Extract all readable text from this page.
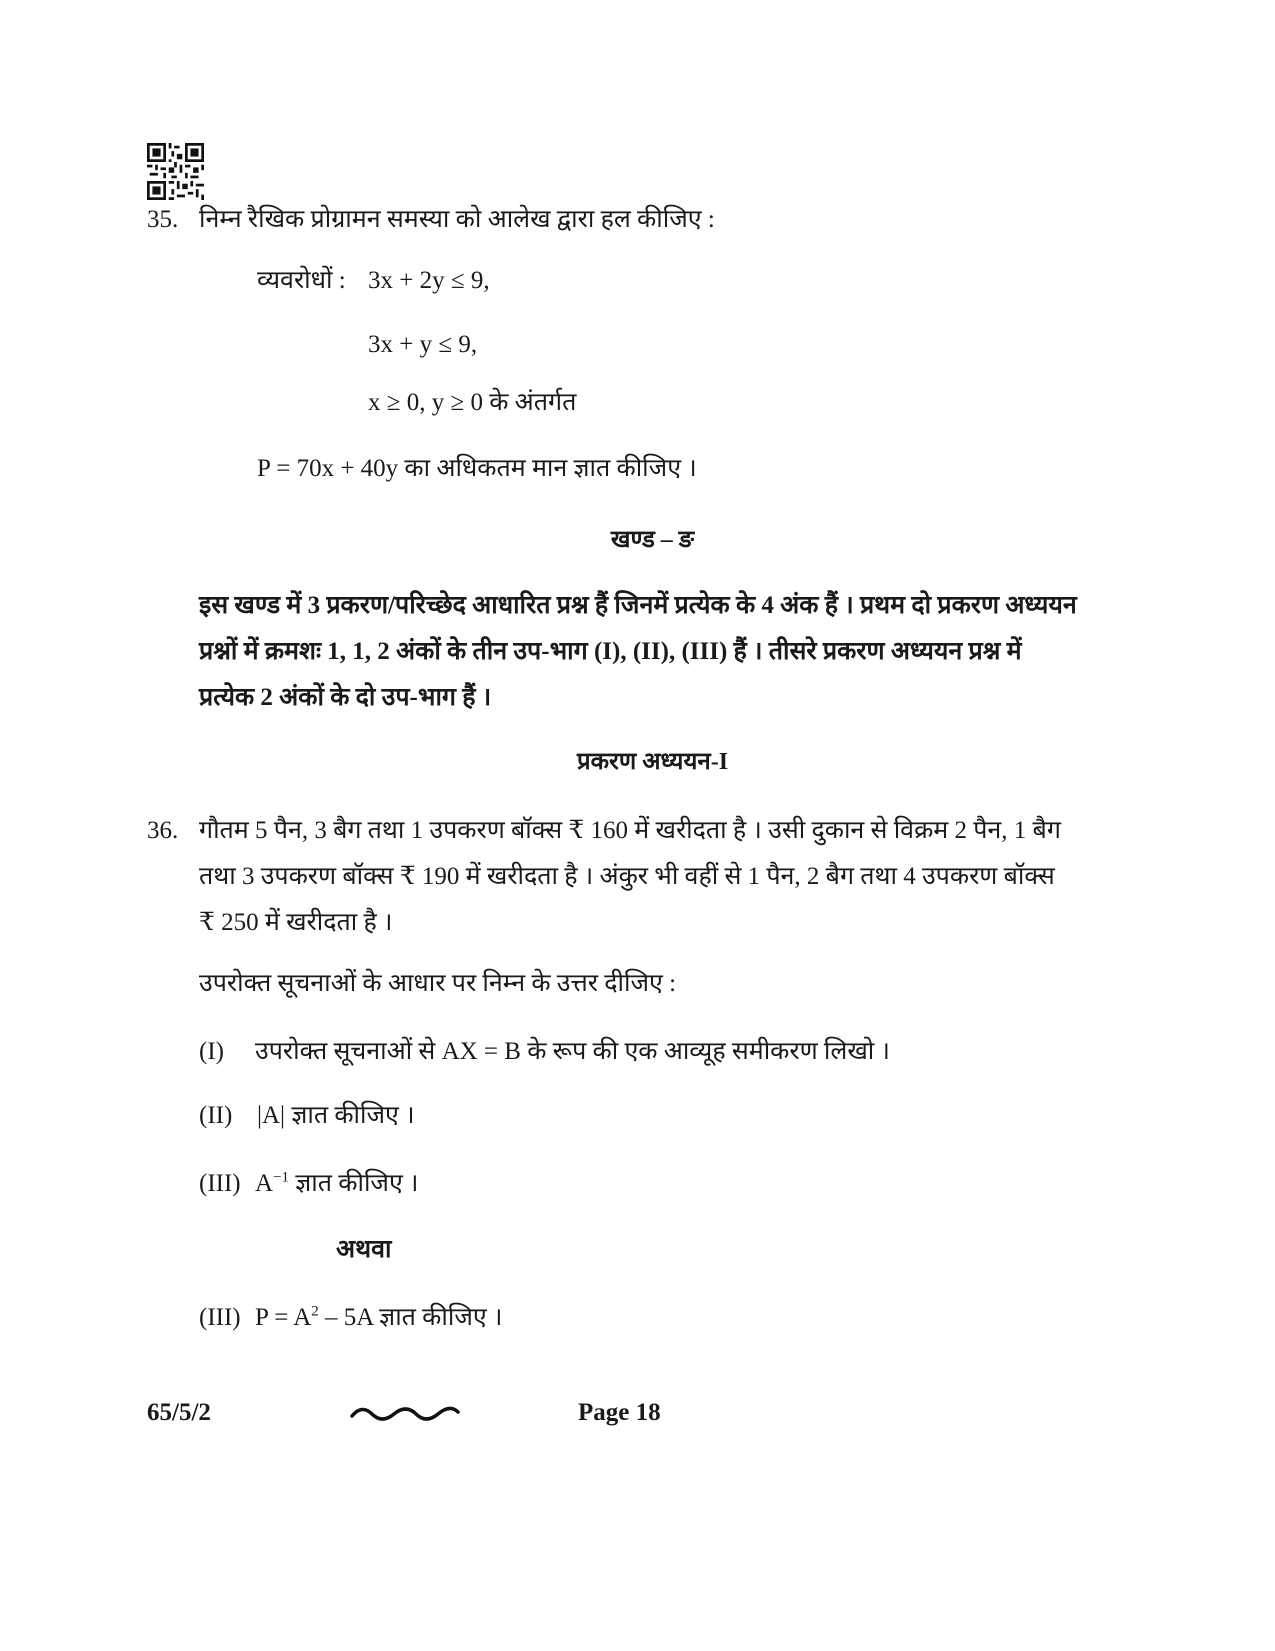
35. निम्न रैखिक प्रोग्रामन समस्या को आलेख द्वारा हल कीजिए :
व्यवरोधों : 3x + 2y ≤ 9,
3x + y ≤ 9,
x ≥ 0, y ≥ 0 के अंतर्गत
P = 70x + 40y का अधिकतम मान ज्ञात कीजिए ।
खण्ड – ङ
इस खण्ड में 3 प्रकरण/परिच्छेद आधारित प्रश्न हैं जिनमें प्रत्येक के 4 अंक हैं । प्रथम दो प्रकरण अध्ययन
प्रश्नों में क्रमशः 1, 1, 2 अंकों के तीन उप-भाग (I), (II), (III) हैं । तीसरे प्रकरण अध्ययन प्रश्न में
प्रत्येक 2 अंकों के दो उप-भाग हैं ।
प्रकरण अध्ययन-I
36. गौतम 5 पैन, 3 बैग तथा 1 उपकरण बॉक्स ₹ 160 में खरीदता है । उसी दुकान से विक्रम 2 पैन, 1 बैग
तथा 3 उपकरण बॉक्स ₹ 190 में खरीदता है । अंकुर भी वहीं से 1 पैन, 2 बैग तथा 4 उपकरण बॉक्स
₹ 250 में खरीदता है ।
उपरोक्त सूचनाओं के आधार पर निम्न के उत्तर दीजिए :
(I) उपरोक्त सूचनाओं से AX = B के रूप की एक आव्यूह समीकरण लिखो ।
(II) |A| ज्ञात कीजिए ।
(III) $A^{-1}$ ज्ञात कीजिए ।
अथवा
(III) $P = A^2 - 5A$ ज्ञात कीजिए ।
65/5/2	Page 18
